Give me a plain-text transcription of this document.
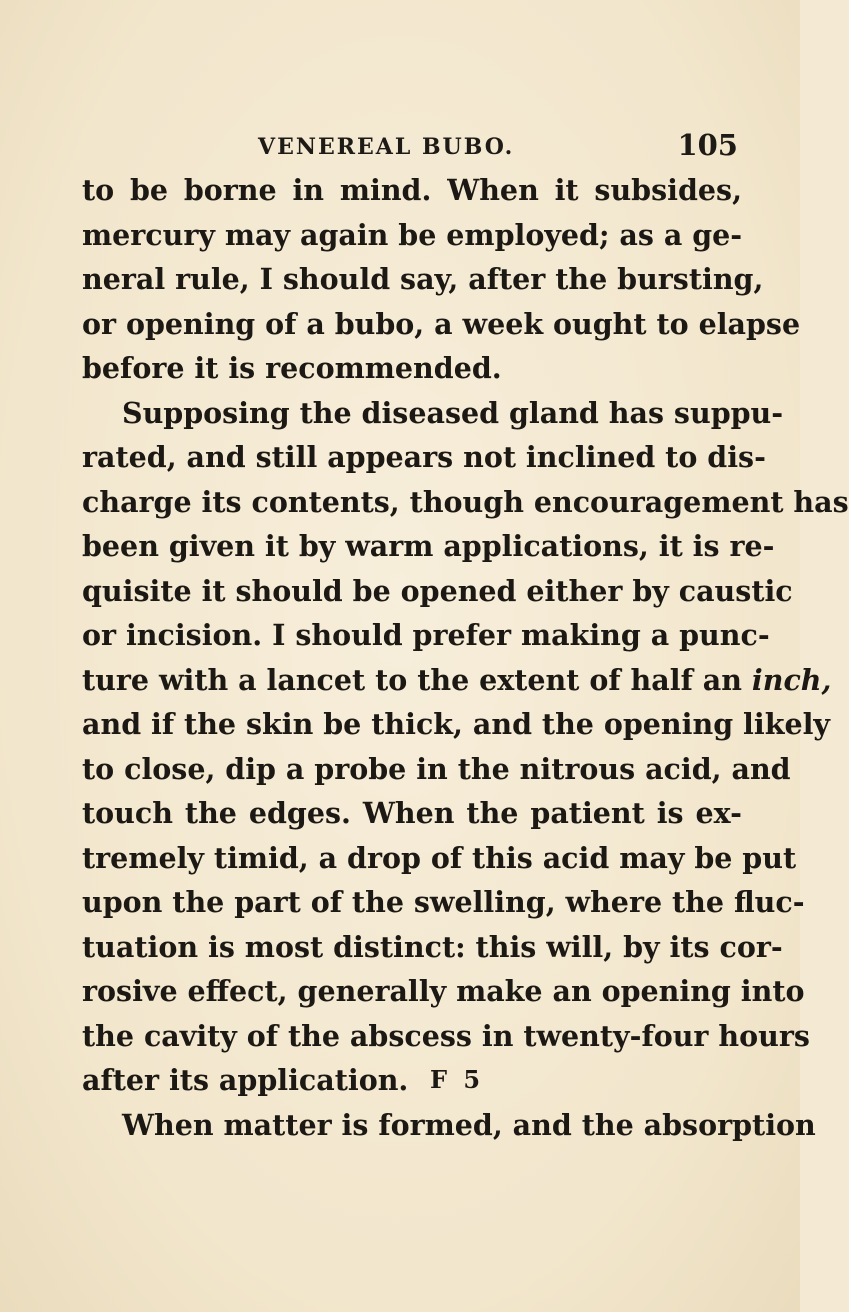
VENEREAL BUBO.	105
to be borne in mind. When it subsides,
mercury may again be employed; as a ge-
neral rule, I should say, after the bursting,
or opening of a bubo, a week ought to elapse
before it is recommended.
Supposing the diseased gland has suppu-
rated, and still appears not inclined to dis-
charge its contents, though encouragement has
been given it by warm applications, it is re-
quisite it should be opened either by caustic
or incision. I should prefer making a punc-
ture with a lancet to the extent of half an inch,
and if the skin be thick, and the opening likely
to close, dip a probe in the nitrous acid, and
touch the edges. When the patient is ex-
tremely timid, a drop of this acid may be put
upon the part of the swelling, where the fluc-
tuation is most distinct: this will, by its cor-
rosive effect, generally make an opening into
the cavity of the abscess in twenty-four hours
after its application.
When matter is formed, and the absorption
F 5
